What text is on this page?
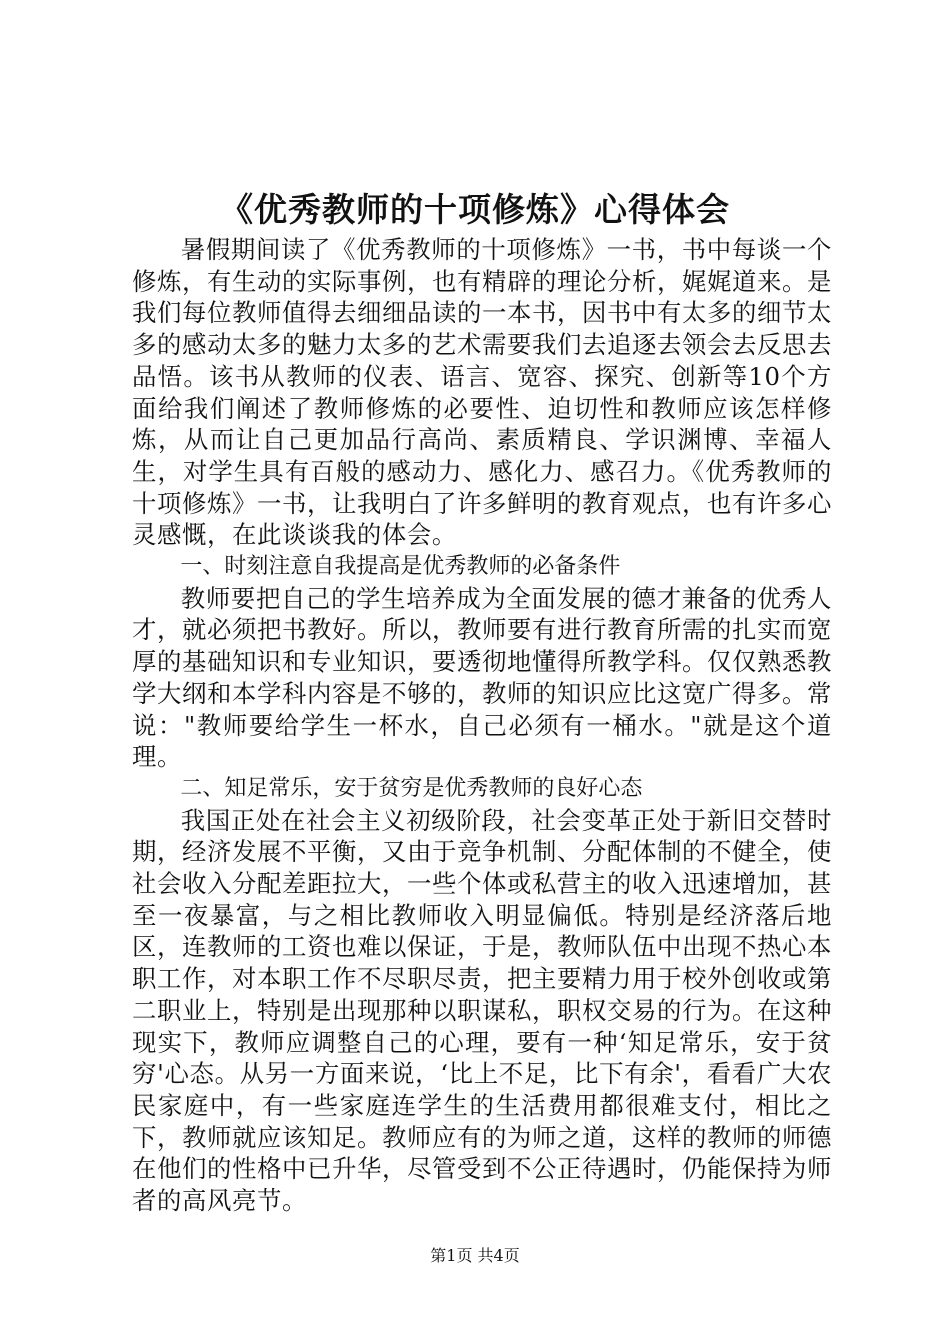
《优秀教师的十项修炼》心得体会

暑假期间读了《优秀教师的十项修炼》一书，书中每谈一个修炼，有生动的实际事例，也有精辟的理论分析，娓娓道来。是我们每位教师值得去细细品读的一本书，因书中有太多的细节太多的感动太多的魅力太多的艺术需要我们去追逐去领会去反思去品悟。该书从教师的仪表、语言、宽容、探究、创新等10个方面给我们阐述了教师修炼的必要性、迫切性和教师应该怎样修炼，从而让自己更加品行高尚、素质精良、学识渊博、幸福人生，对学生具有百般的感动力、感化力、感召力。《优秀教师的十项修炼》一书，让我明白了许多鲜明的教育观点，也有许多心灵感慨，在此谈谈我的体会。

一、时刻注意自我提高是优秀教师的必备条件

教师要把自己的学生培养成为全面发展的德才兼备的优秀人才，就必须把书教好。所以，教师要有进行教育所需的扎实而宽厚的基础知识和专业知识，要透彻地懂得所教学科。仅仅熟悉教学大纲和本学科内容是不够的，教师的知识应比这宽广得多。常说："教师要给学生一杯水，自己必须有一桶水。"就是这个道理。

二、知足常乐，安于贫穷是优秀教师的良好心态

我国正处在社会主义初级阶段，社会变革正处于新旧交替时期，经济发展不平衡，又由于竞争机制、分配体制的不健全，使社会收入分配差距拉大，一些个体或私营主的收入迅速增加，甚至一夜暴富，与之相比教师收入明显偏低。特别是经济落后地区，连教师的工资也难以保证，于是，教师队伍中出现不热心本职工作，对本职工作不尽职尽责，把主要精力用于校外创收或第二职业上，特别是出现那种以职谋私，职权交易的行为。在这种现实下，教师应调整自己的心理，要有一种‘知足常乐，安于贫穷'心态。从另一方面来说，‘比上不足，比下有余'，看看广大农民家庭中，有一些家庭连学生的生活费用都很难支付，相比之下，教师就应该知足。教师应有的为师之道，这样的教师的师德在他们的性格中已升华，尽管受到不公正待遇时，仍能保持为师者的高风亮节。

第1页 共4页
